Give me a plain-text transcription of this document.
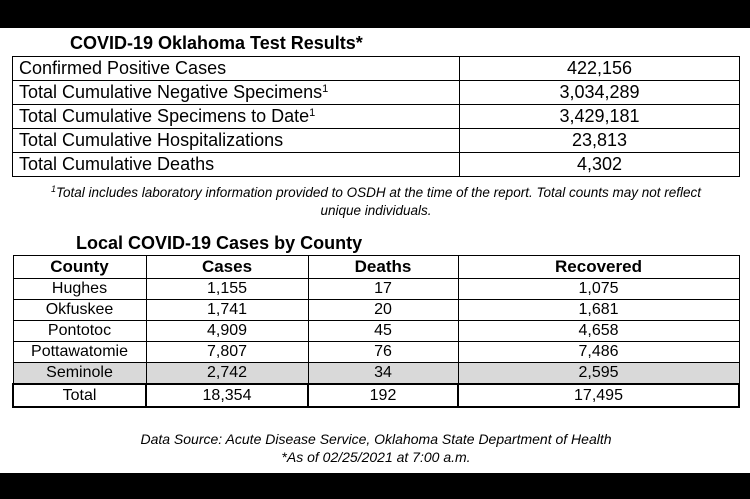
COVID-19 Oklahoma Test Results*
Confirmed Positive Cases	422,156
Total Cumulative Negative Specimens$^1$	3,034,289
Total Cumulative Specimens to Date$^1$	3,429,181
Total Cumulative Hospitalizations	23,813
Total Cumulative Deaths	4,302
$^1$Total includes laboratory information provided to OSDH at the time of the report. Total counts may not reflect
unique individuals.
Local COVID-19 Cases by County
County	Cases	Deaths	Recovered
Hughes	1,155	17	1,075
Okfuskee	1,741	20	1,681
Pontotoc	4,909	45	4,658
Pottawatomie	7,807	76	7,486
Seminole	2,742	34	2,595
Total	18,354	192	17,495
Data Source: Acute Disease Service, Oklahoma State Department of Health
*As of 02/25/2021 at 7:00 a.m.
